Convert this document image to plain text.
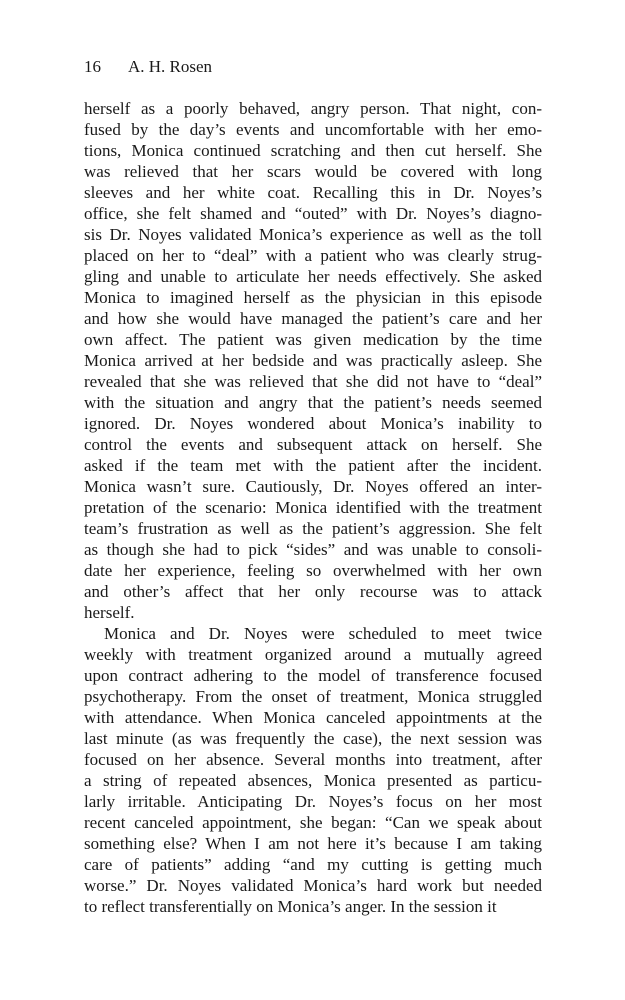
16 A. H. Rosen
herself as a poorly behaved, angry person. That night, con-
fused by the day’s events and uncomfortable with her emo-
tions, Monica continued scratching and then cut herself. She
was relieved that her scars would be covered with long
sleeves and her white coat. Recalling this in Dr. Noyes’s
office, she felt shamed and “outed” with Dr. Noyes’s diagno-
sis Dr. Noyes validated Monica’s experience as well as the toll
placed on her to “deal” with a patient who was clearly strug-
gling and unable to articulate her needs effectively. She asked
Monica to imagined herself as the physician in this episode
and how she would have managed the patient’s care and her
own affect. The patient was given medication by the time
Monica arrived at her bedside and was practically asleep. She
revealed that she was relieved that she did not have to “deal”
with the situation and angry that the patient’s needs seemed
ignored. Dr. Noyes wondered about Monica’s inability to
control the events and subsequent attack on herself. She
asked if the team met with the patient after the incident.
Monica wasn’t sure. Cautiously, Dr. Noyes offered an inter-
pretation of the scenario: Monica identified with the treatment
team’s frustration as well as the patient’s aggression. She felt
as though she had to pick “sides” and was unable to consoli-
date her experience, feeling so overwhelmed with her own
and other’s affect that her only recourse was to attack
herself.
Monica and Dr. Noyes were scheduled to meet twice
weekly with treatment organized around a mutually agreed
upon contract adhering to the model of transference focused
psychotherapy. From the onset of treatment, Monica struggled
with attendance. When Monica canceled appointments at the
last minute (as was frequently the case), the next session was
focused on her absence. Several months into treatment, after
a string of repeated absences, Monica presented as particu-
larly irritable. Anticipating Dr. Noyes’s focus on her most
recent canceled appointment, she began: “Can we speak about
something else? When I am not here it’s because I am taking
care of patients” adding “and my cutting is getting much
worse.” Dr. Noyes validated Monica’s hard work but needed
to reflect transferentially on Monica’s anger. In the session it
